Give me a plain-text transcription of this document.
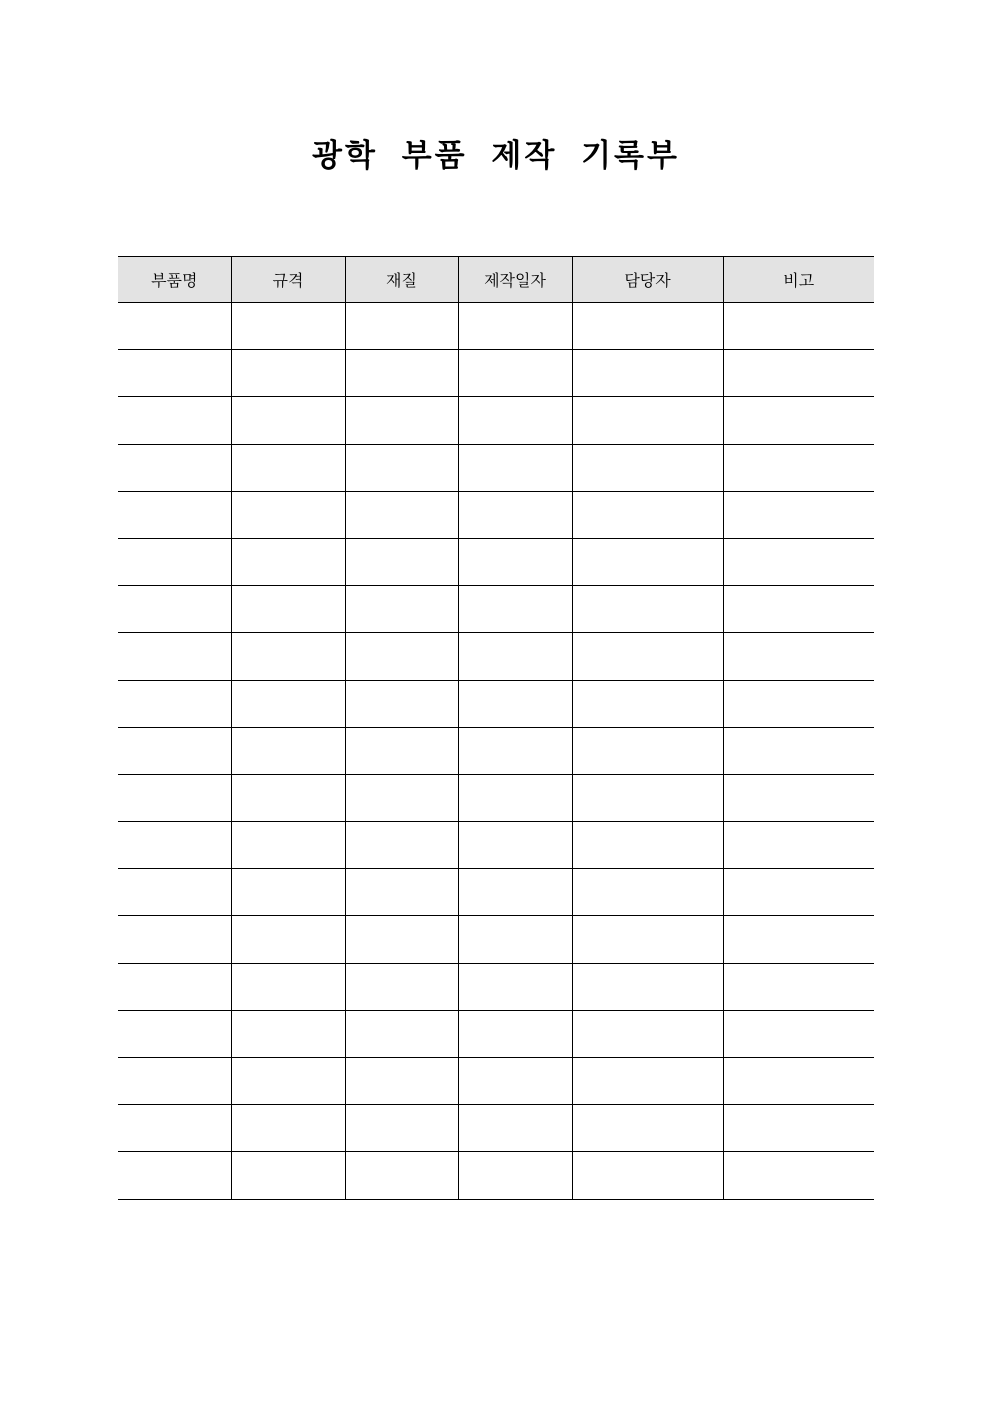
광학 부품 제작 기록부
부품명	규격	재질	제작일자	담당자	비고
